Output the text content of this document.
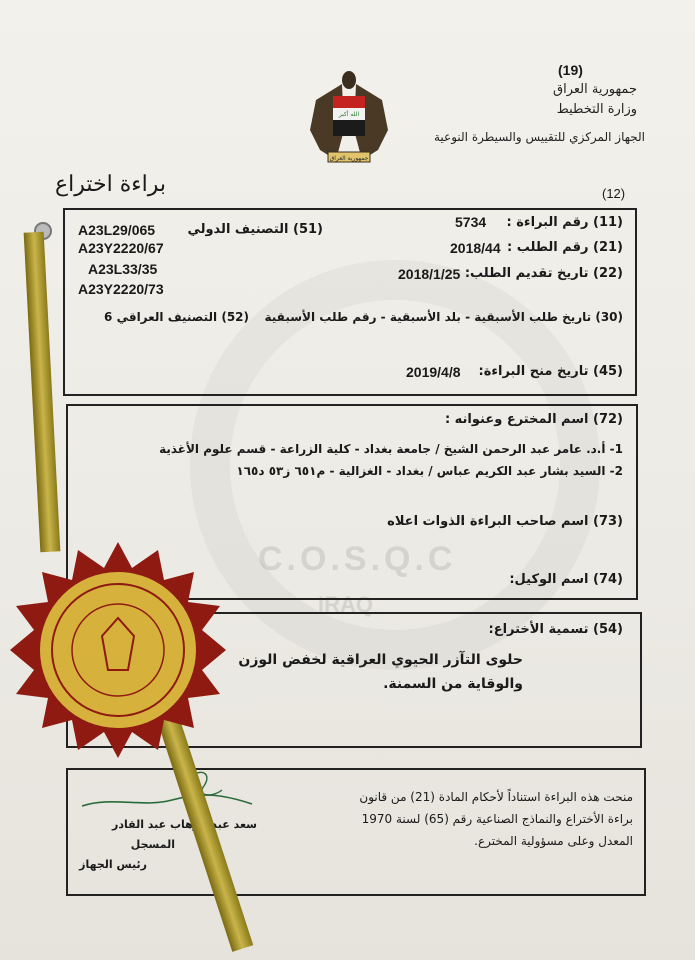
C.O.S.Q.C
IRAQ
(19)
جمهورية العراق
وزارة التخطيط
الجهاز المركزي للتقييس والسيطرة النوعية
الله أكبر
جمهورية العراق
براءة اختراع	(12)
(11) رقم البراءة :
5734
(51) التصنيف الدولي
A23L29/065
A23Y2220/67
A23L33/35
A23Y2220/73
(21) رقم الطلب :
2018/44
(22) تاريخ تقديم الطلب:
2018/1/25
(30) تاريخ طلب الأسبقية - بلد الأسبقية - رقم طلب الأسبقية
(52) التصنيف العراقي 6
(45) تاريخ منح البراءة:
2019/4/8
(72) اسم المخترع وعنوانه :
1- أ.د. عامر عبد الرحمن الشيخ / جامعة بغداد - كلية الزراعة - قسم علوم الأغذية
2- السيد بشار عبد الكريم عباس / بغداد - الغزالية - م٦٥١ ز٥٣ د١٦٥
(73) اسم صاحب البراءة :
الذوات اعلاه
(74) اسم الوكيل:
(54) تسمية الأختراع:
حلوى التآزر الحيوي العراقية لخفض الوزن
والوقاية من السمنة.
منحت هذه البراءة استناداً لأحكام المادة (21) من قانون
براءة الأختراع والنماذج الصناعية رقم (65) لسنة 1970
المعدل وعلى مسؤولية المخترع.
سعد عبد الوهاب عبد القادر
المسجل
رئيس الجهاز
